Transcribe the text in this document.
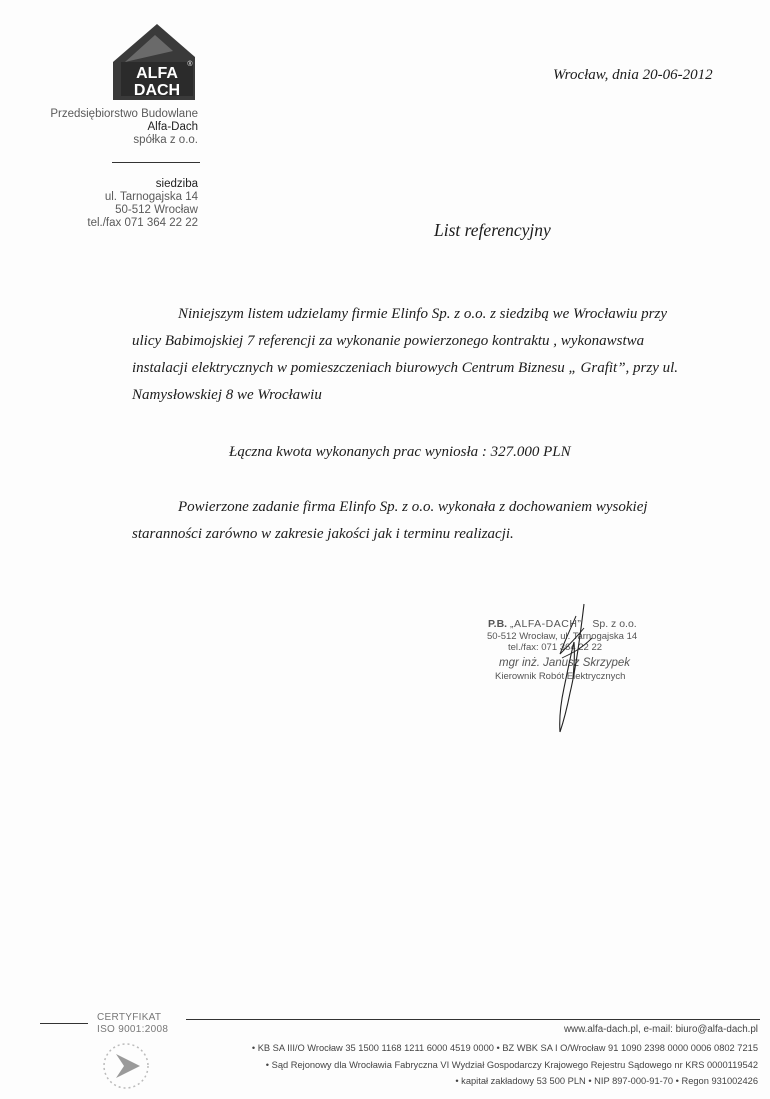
ALFA
DACH
®
Przedsiębiorstwo Budowlane
Alfa-Dach
spółka z o.o.
siedziba
ul. Tarnogajska 14
50-512 Wrocław
tel./fax 071 364 22 22
Wrocław, dnia 20-06-2012
List referencyjny
Niniejszym listem udzielamy firmie Elinfo Sp. z o.o. z siedzibą we Wrocławiu przy
ulicy Babimojskiej 7 referencji za wykonanie powierzonego kontraktu , wykonawstwa
instalacji elektrycznych w pomieszczeniach biurowych Centrum Biznesu „ Grafit”, przy ul.
Namysłowskiej 8 we Wrocławiu
Łączna kwota wykonanych prac wyniosła : 327.000 PLN
Powierzone zadanie firma Elinfo Sp. z o.o. wykonała z dochowaniem wysokiej
staranności zarówno w zakresie jakości jak i terminu realizacji.
P.B. „ALFA-DACH” Sp. z o.o.
50-512 Wrocław, ul. Tarnogajska 14
tel./fax: 071 364 22 22
mgr inż. Janusz Skrzypek
Kierownik Robót Elektrycznych
CERTYFIKAT
ISO 9001:2008	www.alfa-dach.pl, e-mail: biuro@alfa-dach.pl
• KB SA III/O Wrocław 35 1500 1168 1211 6000 4519 0000 • BZ WBK SA I O/Wrocław 91 1090 2398 0000 0006 0802 7215
• Sąd Rejonowy dla Wrocławia Fabryczna VI Wydział Gospodarczy Krajowego Rejestru Sądowego nr KRS 0000119542
• kapitał zakładowy 53 500 PLN • NIP 897-000-91-70 • Regon 931002426
